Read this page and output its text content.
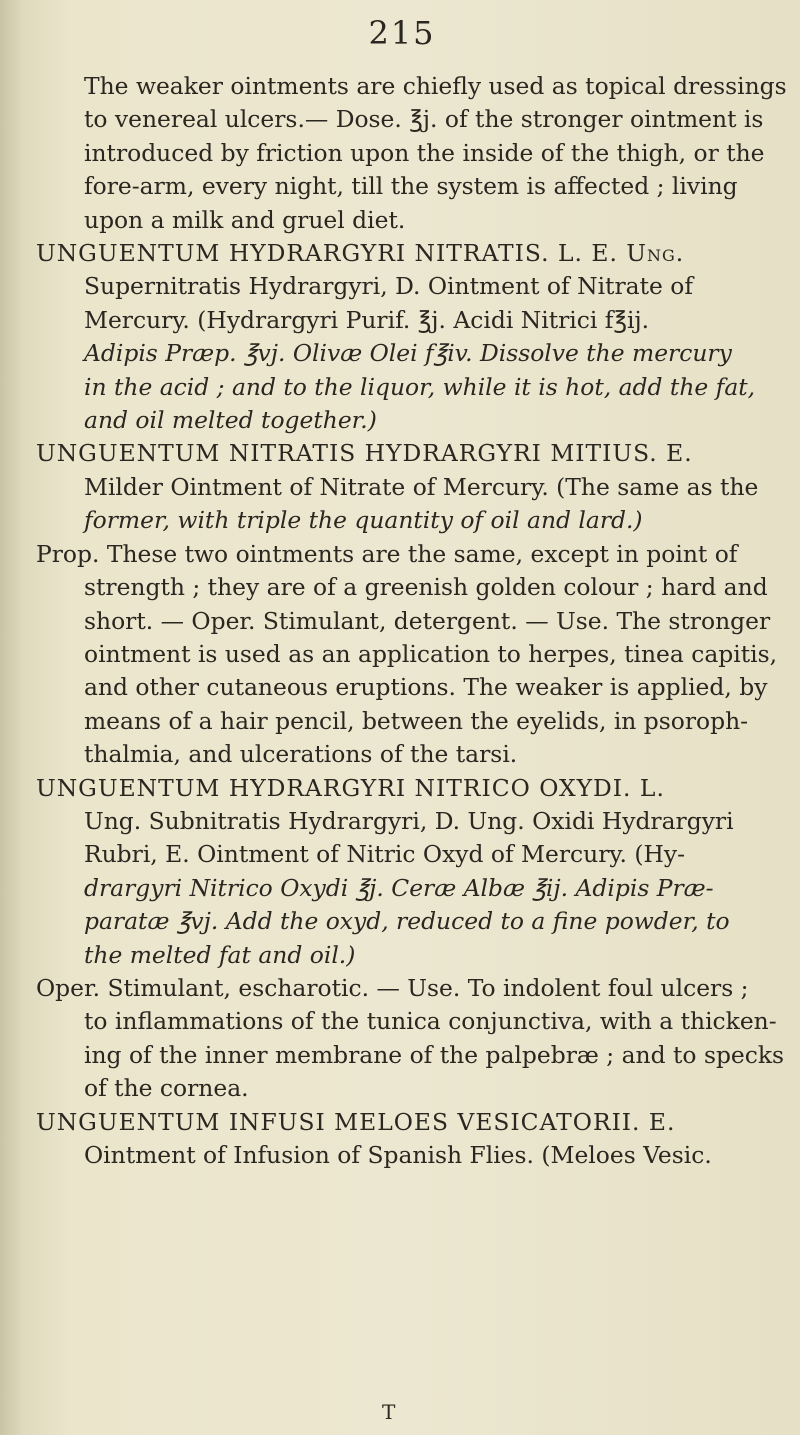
215
The weaker ointments are chiefly used as topical dressings
to venereal ulcers.— Dose. ℥j. of the stronger ointment is
introduced by friction upon the inside of the thigh, or the
fore-arm, every night, till the system is affected ; living
upon a milk and gruel diet.
UNGUENTUM HYDRARGYRI NITRATIS. L. E. Ung.
Supernitratis Hydrargyri, D. Ointment of Nitrate of
Mercury. (Hydrargyri Purif. ℥j. Acidi Nitrici f℥ij.
Adipis Præp. ℥vj. Olivæ Olei f℥iv. Dissolve the mercury
in the acid ; and to the liquor, while it is hot, add the fat,
and oil melted together.)
UNGUENTUM NITRATIS HYDRARGYRI MITIUS. E.
Milder Ointment of Nitrate of Mercury. (The same as the
former, with triple the quantity of oil and lard.)
Prop. These two ointments are the same, except in point of
strength ; they are of a greenish golden colour ; hard and
short. — Oper. Stimulant, detergent. — Use. The stronger
ointment is used as an application to herpes, tinea capitis,
and other cutaneous eruptions. The weaker is applied, by
means of a hair pencil, between the eyelids, in psoroph-
thalmia, and ulcerations of the tarsi.
UNGUENTUM HYDRARGYRI NITRICO OXYDI. L.
Ung. Subnitratis Hydrargyri, D. Ung. Oxidi Hydrargyri
Rubri, E. Ointment of Nitric Oxyd of Mercury. (Hy-
drargyri Nitrico Oxydi ℥j. Ceræ Albæ ℥ij. Adipis Præ-
paratæ ℥vj. Add the oxyd, reduced to a fine powder, to
the melted fat and oil.)
Oper. Stimulant, escharotic. — Use. To indolent foul ulcers ;
to inflammations of the tunica conjunctiva, with a thicken-
ing of the inner membrane of the palpebræ ; and to specks
of the cornea.
UNGUENTUM INFUSI MELOES VESICATORII. E.
Ointment of Infusion of Spanish Flies. (Meloes Vesic.
T
